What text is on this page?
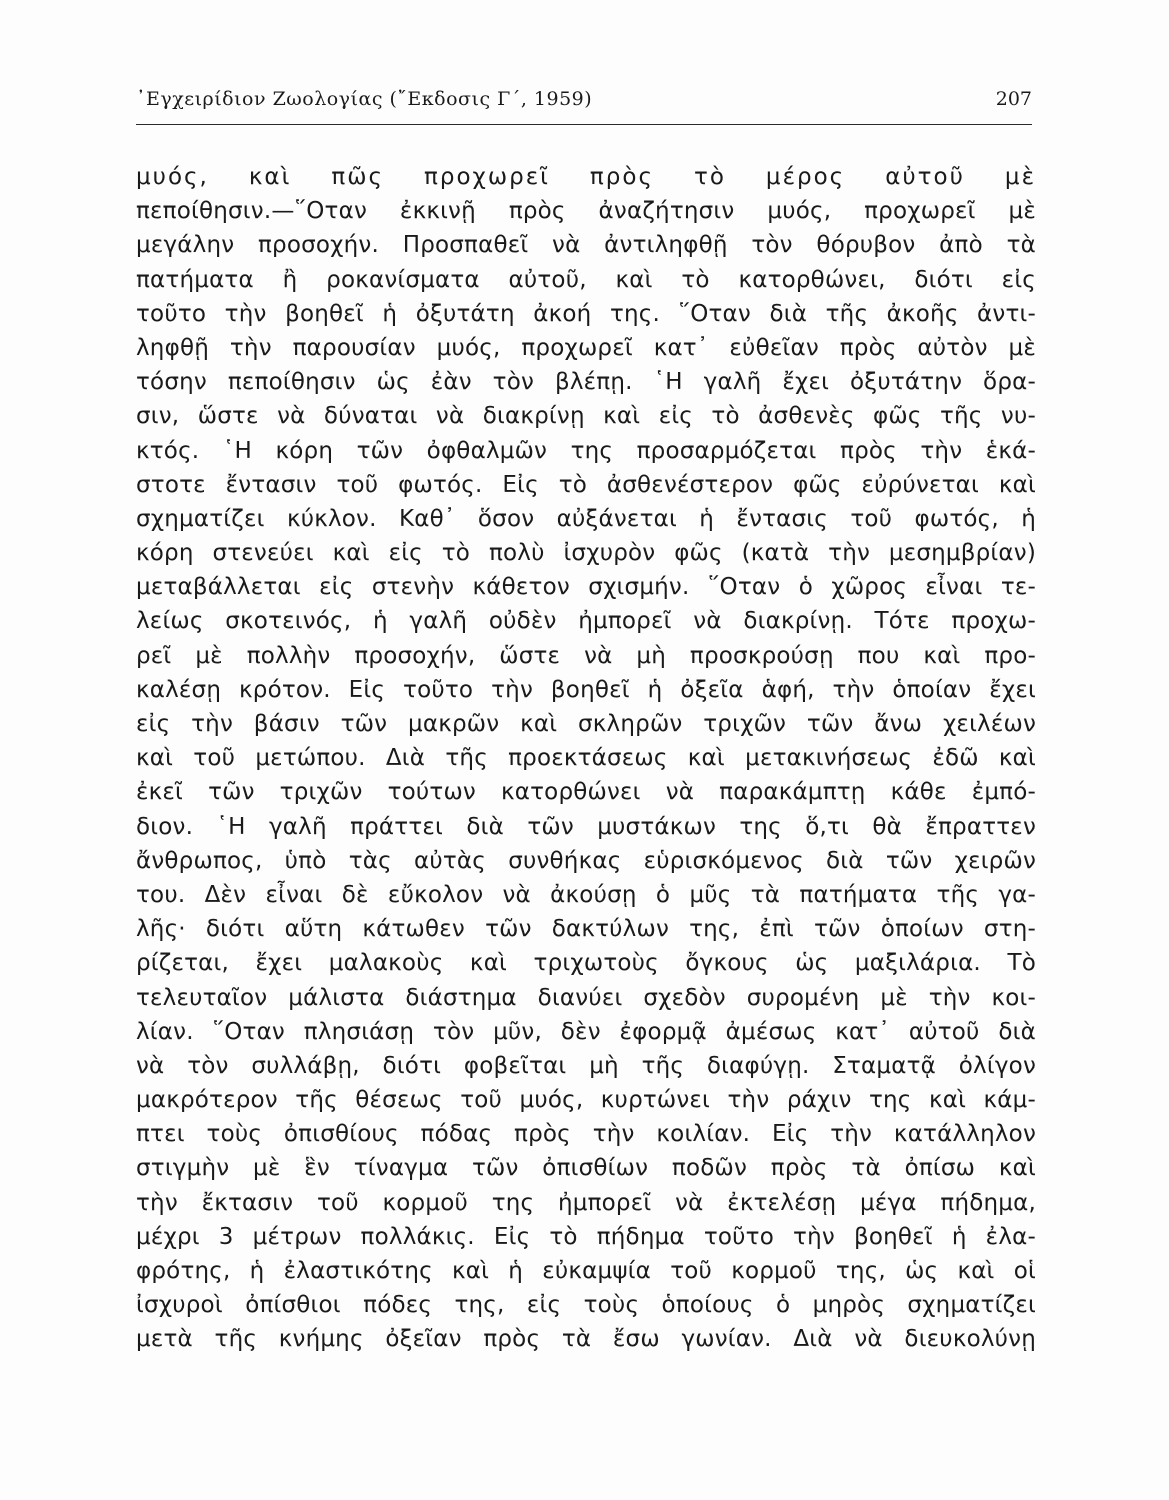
᾿Εγχειρίδιον Ζωολογίας (῎Εκδοσις Γ΄, 1959)	207
μυός, καὶ πῶς προχωρεῖ πρὸς τὸ μέρος αὐτοῦ μὲ
πεποίθησιν.—῞Οταν ἐκκινῇ πρὸς ἀναζήτησιν μυός, προχωρεῖ μὲ
μεγάλην προσοχήν. Προσπαθεῖ νὰ ἀντιληφθῇ τὸν θόρυβον ἀπὸ τὰ
πατήματα ἢ ροκανίσματα αὐτοῦ, καὶ τὸ κατορθώνει, διότι εἰς
τοῦτο τὴν βοηθεῖ ἡ ὀξυτάτη ἀκοή της. ῞Οταν διὰ τῆς ἀκοῆς ἀντι-
ληφθῇ τὴν παρουσίαν μυός, προχωρεῖ κατ᾿ εὐθεῖαν πρὸς αὐτὸν μὲ
τόσην πεποίθησιν ὡς ἐὰν τὸν βλέπῃ. ῾Η γαλῆ ἔχει ὀξυτάτην ὅρα-
σιν, ὥστε νὰ δύναται νὰ διακρίνῃ καὶ εἰς τὸ ἀσθενὲς φῶς τῆς νυ-
κτός. ῾Η κόρη τῶν ὀφθαλμῶν της προσαρμόζεται πρὸς τὴν ἑκά-
στοτε ἔντασιν τοῦ φωτός. Εἰς τὸ ἀσθενέστερον φῶς εὐρύνεται καὶ
σχηματίζει κύκλον. Καθ᾿ ὅσον αὐξάνεται ἡ ἔντασις τοῦ φωτός, ἡ
κόρη στενεύει καὶ εἰς τὸ πολὺ ἰσχυρὸν φῶς (κατὰ τὴν μεσημβρίαν)
μεταβάλλεται εἰς στενὴν κάθετον σχισμήν. ῞Οταν ὁ χῶρος εἶναι τε-
λείως σκοτεινός, ἡ γαλῆ οὐδὲν ἠμπορεῖ νὰ διακρίνῃ. Τότε προχω-
ρεῖ μὲ πολλὴν προσοχήν, ὥστε νὰ μὴ προσκρούσῃ που καὶ προ-
καλέσῃ κρότον. Εἰς τοῦτο τὴν βοηθεῖ ἡ ὀξεῖα ἁφή, τὴν ὁποίαν ἔχει
εἰς τὴν βάσιν τῶν μακρῶν καὶ σκληρῶν τριχῶν τῶν ἄνω χειλέων
καὶ τοῦ μετώπου. Διὰ τῆς προεκτάσεως καὶ μετακινήσεως ἐδῶ καὶ
ἐκεῖ τῶν τριχῶν τούτων κατορθώνει νὰ παρακάμπτῃ κάθε ἐμπό-
διον. ῾Η γαλῆ πράττει διὰ τῶν μυστάκων της ὅ,τι θὰ ἔπραττεν
ἄνθρωπος, ὑπὸ τὰς αὐτὰς συνθήκας εὑρισκόμενος διὰ τῶν χειρῶν
του. Δὲν εἶναι δὲ εὔκολον νὰ ἀκούσῃ ὁ μῦς τὰ πατήματα τῆς γα-
λῆς· διότι αὕτη κάτωθεν τῶν δακτύλων της, ἐπὶ τῶν ὁποίων στη-
ρίζεται, ἔχει μαλακοὺς καὶ τριχωτοὺς ὄγκους ὡς μαξιλάρια. Τὸ
τελευταῖον μάλιστα διάστημα διανύει σχεδὸν συρομένη μὲ τὴν κοι-
λίαν. ῞Οταν πλησιάσῃ τὸν μῦν, δὲν ἐφορμᾷ ἀμέσως κατ᾿ αὐτοῦ διὰ
νὰ τὸν συλλάβῃ, διότι φοβεῖται μὴ τῆς διαφύγῃ. Σταματᾷ ὀλίγον
μακρότερον τῆς θέσεως τοῦ μυός, κυρτώνει τὴν ράχιν της καὶ κάμ-
πτει τοὺς ὀπισθίους πόδας πρὸς τὴν κοιλίαν. Εἰς τὴν κατάλληλον
στιγμὴν μὲ ἓν τίναγμα τῶν ὀπισθίων ποδῶν πρὸς τὰ ὀπίσω καὶ
τὴν ἔκτασιν τοῦ κορμοῦ της ἠμπορεῖ νὰ ἐκτελέσῃ μέγα πήδημα,
μέχρι 3 μέτρων πολλάκις. Εἰς τὸ πήδημα τοῦτο τὴν βοηθεῖ ἡ ἐλα-
φρότης, ἡ ἐλαστικότης καὶ ἡ εὐκαμψία τοῦ κορμοῦ της, ὡς καὶ οἱ
ἰσχυροὶ ὀπίσθιοι πόδες της, εἰς τοὺς ὁποίους ὁ μηρὸς σχηματίζει
μετὰ τῆς κνήμης ὀξεῖαν πρὸς τὰ ἔσω γωνίαν. Διὰ νὰ διευκολύνῃ
